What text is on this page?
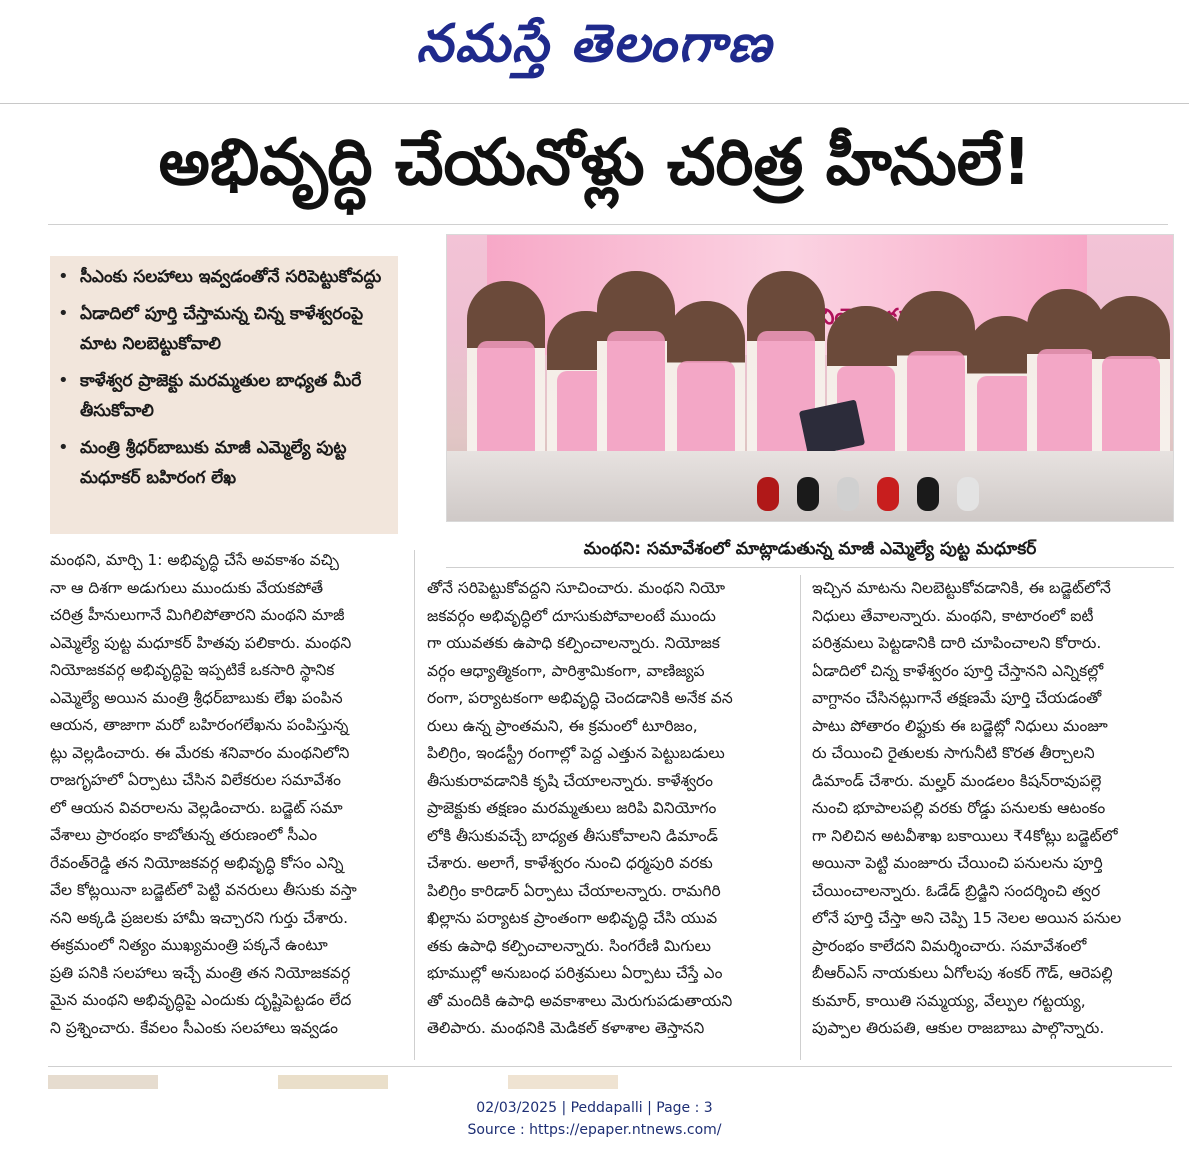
నమస్తే తెలంగాణ
అభివృద్ధి చేయనోళ్లు చరిత్ర హీనులే!
• సీఎంకు సలహాలు ఇవ్వడంతోనే సరిపెట్టుకోవద్దు
• ఏడాదిలో పూర్తి చేస్తామన్న చిన్న కాళేశ్వరంపై మాట నిలబెట్టుకోవాలి
• కాళేశ్వర ప్రాజెక్టు మరమ్మతుల బాధ్యత మీరే తీసుకోవాలి
• మంత్రి శ్రీధర్‌బాబుకు మాజీ ఎమ్మెల్యే పుట్ట మధూకర్ బహిరంగ లేఖ
మంథని: సమావేశంలో మాట్లాడుతున్న మాజీ ఎమ్మెల్యే పుట్ట మధూకర్
మంథని, మార్చి 1: అభివృద్ధి చేసే అవకాశం వచ్చి
నా ఆ దిశగా అడుగులు ముందుకు వేయకపోతే
చరిత్ర హీనులుగానే మిగిలిపోతారని మంథని మాజీ
ఎమ్మెల్యే పుట్ట మధూకర్ హితవు పలికారు. మంథని
నియోజకవర్గ అభివృద్ధిపై ఇప్పటికే ఒకసారి స్థానిక
ఎమ్మెల్యే అయిన మంత్రి శ్రీధర్‌బాబుకు లేఖ పంపిన
ఆయన, తాజాగా మరో బహిరంగలేఖను పంపిస్తున్న
ట్లు వెల్లడించారు. ఈ మేరకు శనివారం మంథనిలోని
రాజగృహలో ఏర్పాటు చేసిన విలేకరుల సమావేశం
లో ఆయన వివరాలను వెల్లడించారు. బడ్జెట్ సమా
వేశాలు ప్రారంభం కాబోతున్న తరుణంలో సీఎం
రేవంత్‌రెడ్డి తన నియోజకవర్గ అభివృద్ధి కోసం ఎన్ని
వేల కోట్లయినా బడ్జెట్‌లో పెట్టి వనరులు తీసుకు వస్తా
నని అక్కడి ప్రజలకు హామీ ఇచ్చారని గుర్తు చేశారు.
ఈక్రమంలో నిత్యం ముఖ్యమంత్రి పక్కనే ఉంటూ
ప్రతి పనికి సలహాలు ఇచ్చే మంత్రి తన నియోజకవర్గ
మైన మంథని అభివృద్ధిపై ఎందుకు దృష్టిపెట్టడం లేద
ని ప్రశ్నించారు. కేవలం సీఎంకు సలహాలు ఇవ్వడం
తోనే సరిపెట్టుకోవద్దని సూచించారు. మంథని నియో
జకవర్గం అభివృద్ధిలో దూసుకుపోవాలంటే ముందు
గా యువతకు ఉపాధి కల్పించాలన్నారు. నియోజక
వర్గం ఆధ్యాత్మికంగా, పారిశ్రామికంగా, వాణిజ్యప
రంగా, పర్యాటకంగా అభివృద్ధి చెందడానికి అనేక వన
రులు ఉన్న ప్రాంతమని, ఈ క్రమంలో టూరిజం,
పిలిగ్రిం, ఇండస్ట్రీ రంగాల్లో పెద్ద ఎత్తున పెట్టుబడులు
తీసుకురావడానికి కృషి చేయాలన్నారు. కాళేశ్వరం
ప్రాజెక్టుకు తక్షణం మరమ్మతులు జరిపి వినియోగం
లోకి తీసుకువచ్చే బాధ్యత తీసుకోవాలని డిమాండ్
చేశారు. అలాగే, కాళేశ్వరం నుంచి ధర్మపురి వరకు
పిలిగ్రిం కారిడార్ ఏర్పాటు చేయాలన్నారు. రామగిరి
ఖిల్లాను పర్యాటక ప్రాంతంగా అభివృద్ధి చేసి యువ
తకు ఉపాధి కల్పించాలన్నారు. సింగరేణి మిగులు
భూముల్లో అనుబంధ పరిశ్రమలు ఏర్పాటు చేస్తే ఎం
తో మందికి ఉపాధి అవకాశాలు మెరుగుపడుతాయని
తెలిపారు. మంథనికి మెడికల్ కళాశాల తెస్తానని
ఇచ్చిన మాటను నిలబెట్టుకోవడానికి, ఈ బడ్జెట్‌లోనే
నిధులు తేవాలన్నారు. మంథని, కాటారంలో ఐటీ
పరిశ్రమలు పెట్టడానికి దారి చూపించాలని కోరారు.
ఏడాదిలో చిన్న కాళేశ్వరం పూర్తి చేస్తానని ఎన్నికల్లో
వాగ్దానం చేసినట్లుగానే తక్షణమే పూర్తి చేయడంతో
పాటు పోతారం లిఫ్టుకు ఈ బడ్జెట్లో నిధులు మంజూ
రు చేయించి రైతులకు సాగునీటి కొరత తీర్చాలని
డిమాండ్ చేశారు. మల్హర్ మండలం కిషన్‌రావుపల్లె
నుంచి భూపాలపల్లి వరకు రోడ్డు పనులకు ఆటంకం
గా నిలిచిన అటవీశాఖ బకాయిలు ₹4కోట్లు బడ్జెట్‌లో
అయినా పెట్టి మంజూరు చేయించి పనులను పూర్తి
చేయించాలన్నారు. ఓడేడ్ బ్రిడ్జిని సందర్శించి త్వర
లోనే పూర్తి చేస్తా అని చెప్పి 15 నెలల అయిన పనుల
ప్రారంభం కాలేదని విమర్శించారు. సమావేశంలో
బీఆర్ఎస్ నాయకులు ఏగోలపు శంకర్ గౌడ్, ఆరెపల్లి
కుమార్, కాయితి సమ్మయ్య, వేల్పుల గట్టయ్య,
పుప్పాల తిరుపతి, ఆకుల రాజబాబు పాల్గొన్నారు.
02/03/2025 | Peddapalli | Page : 3
Source : https://epaper.ntnews.com/
